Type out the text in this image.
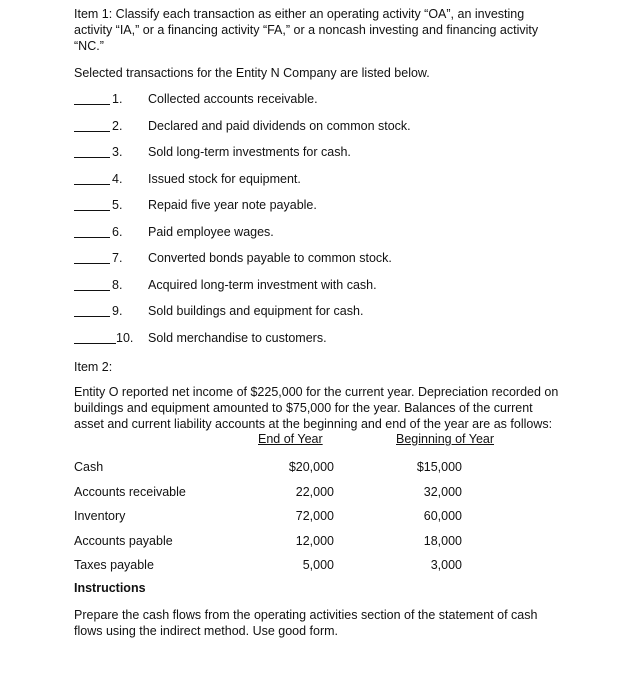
Item 1: Classify each transaction as either an operating activity “OA”, an investing activity “IA,” or a financing activity “FA,” or a noncash investing and financing activity “NC.”
Selected transactions for the Entity N Company are listed below.
1.	Collected accounts receivable.
2.	Declared and paid dividends on common stock.
3.	Sold long-term investments for cash.
4.	Issued stock for equipment.
5.	Repaid five year note payable.
6.	Paid employee wages.
7.	Converted bonds payable to common stock.
8.	Acquired long-term investment with cash.
9.	Sold buildings and equipment for cash.
10. Sold merchandise to customers.
Item 2:
Entity O reported net income of $225,000 for the current year. Depreciation recorded on buildings and equipment amounted to $75,000 for the year. Balances of the current asset and current liability accounts at the beginning and end of the year are as follows:
End of Year	Beginning of Year
Cash	$20,000	$15,000
Accounts receivable	22,000	32,000
Inventory	72,000	60,000
Accounts payable	12,000	18,000
Taxes payable	5,000	3,000
Instructions
Prepare the cash flows from the operating activities section of the statement of cash flows using the indirect method. Use good form.
